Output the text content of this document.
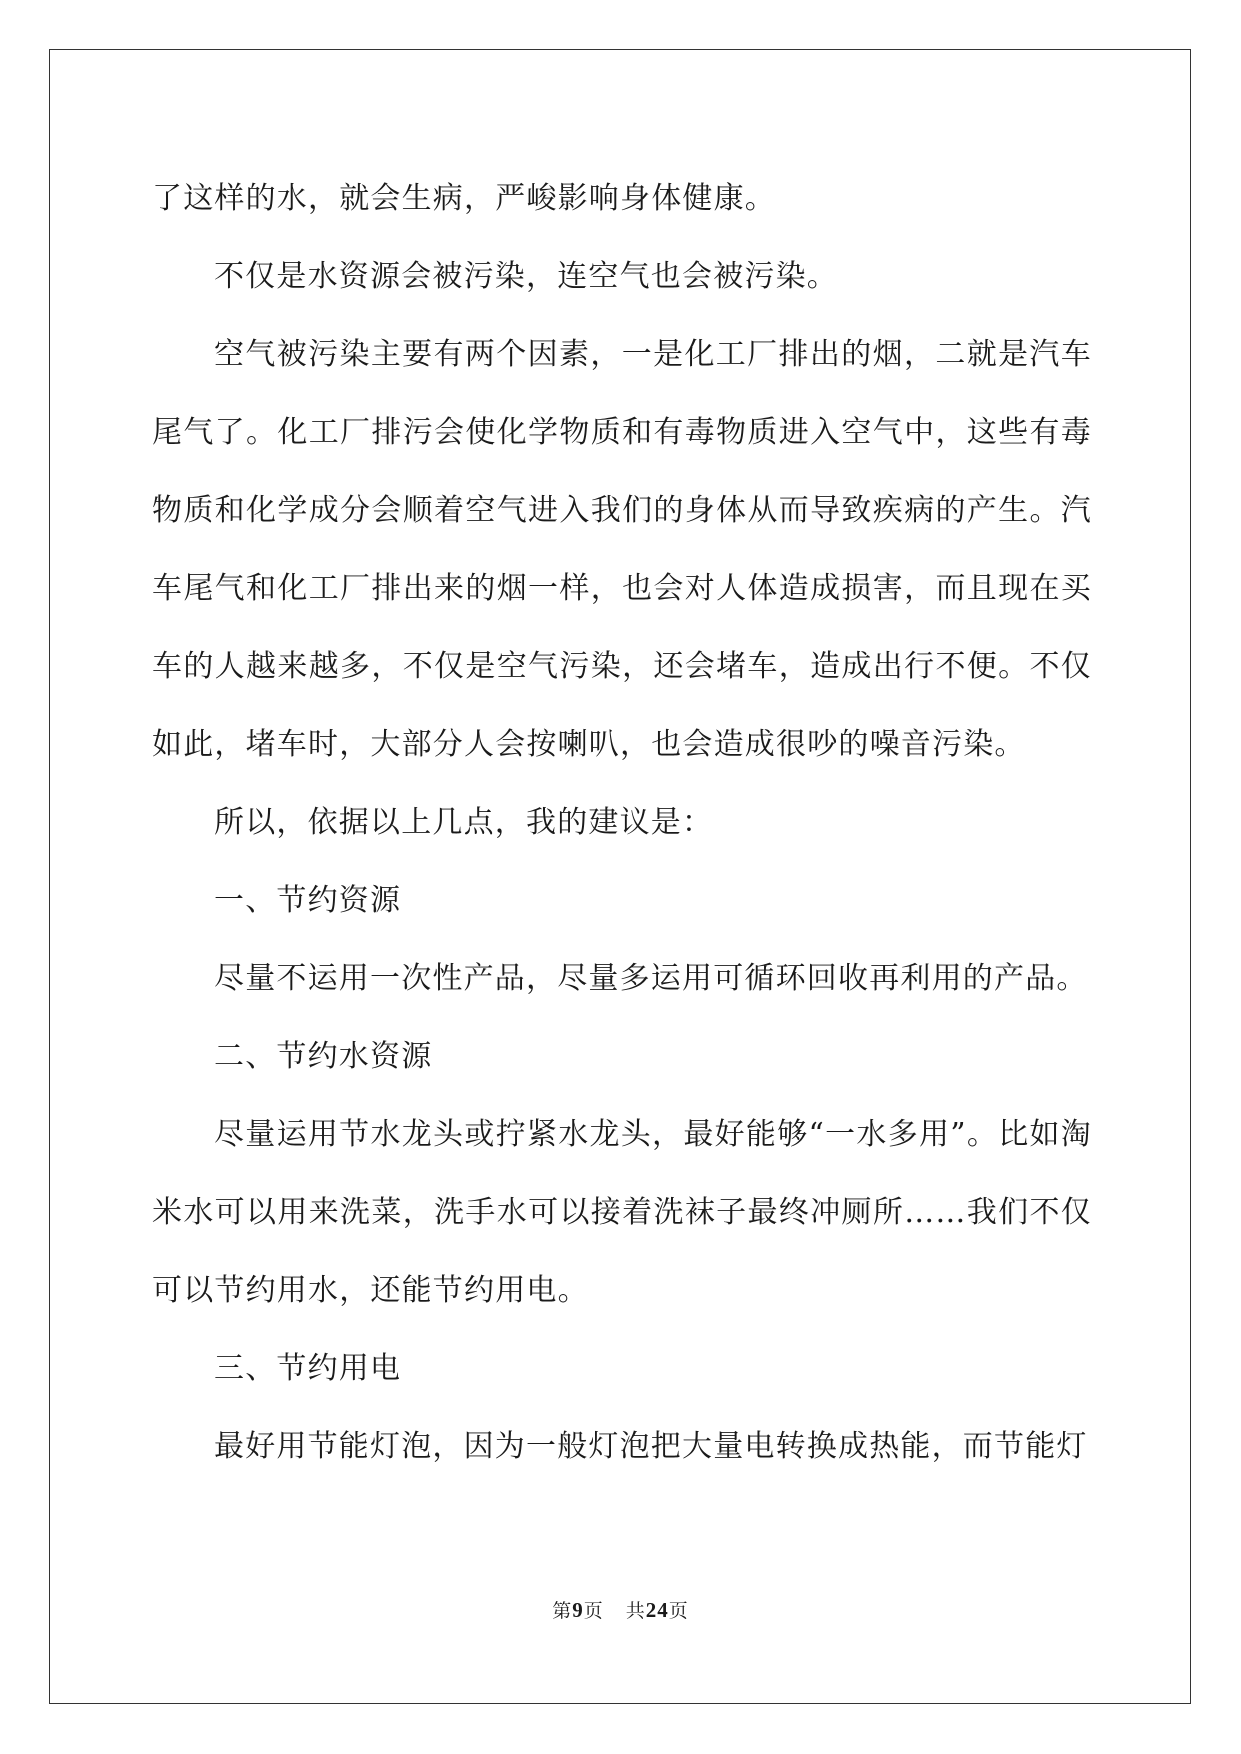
了这样的水，就会生病，严峻影响身体健康。

不仅是水资源会被污染，连空气也会被污染。

空气被污染主要有两个因素，一是化工厂排出的烟，二就是汽车尾气了。化工厂排污会使化学物质和有毒物质进入空气中，这些有毒物质和化学成分会顺着空气进入我们的身体从而导致疾病的产生。汽车尾气和化工厂排出来的烟一样，也会对人体造成损害，而且现在买车的人越来越多，不仅是空气污染，还会堵车，造成出行不便。不仅如此，堵车时，大部分人会按喇叭，也会造成很吵的噪音污染。

所以，依据以上几点，我的建议是：

一、节约资源

尽量不运用一次性产品，尽量多运用可循环回收再利用的产品。

二、节约水资源

尽量运用节水龙头或拧紧水龙头，最好能够“一水多用”。比如淘米水可以用来洗菜，洗手水可以接着洗袜子最终冲厕所……我们不仅可以节约用水，还能节约用电。

三、节约用电

最好用节能灯泡，因为一般灯泡把大量电转换成热能，而节能灯

第9页 共24页
